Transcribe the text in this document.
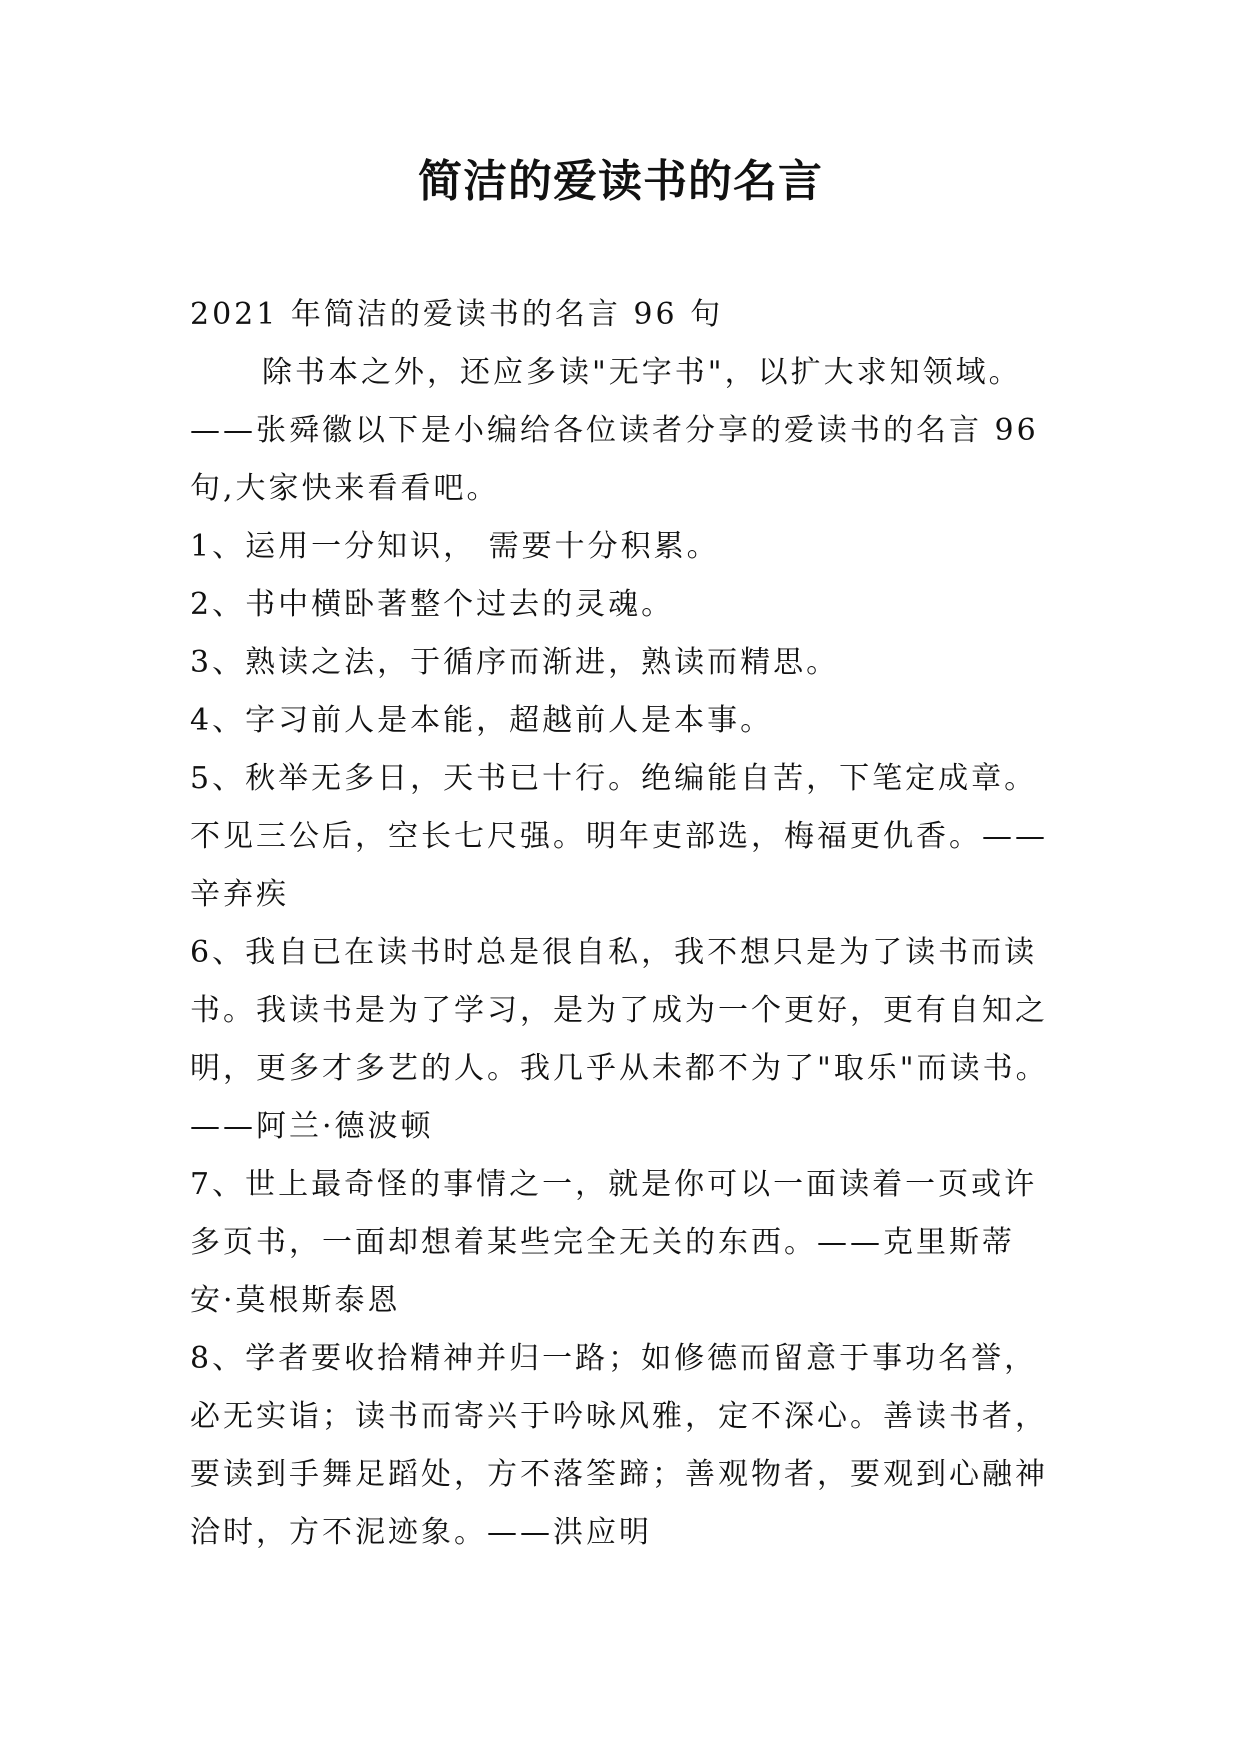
简洁的爱读书的名言
2021 年简洁的爱读书的名言 96 句
除书本之外，还应多读"无字书"，以扩大求知领域。
——张舜徽以下是小编给各位读者分享的爱读书的名言 96
句,大家快来看看吧。
1、运用一分知识， 需要十分积累。
2、书中横卧著整个过去的灵魂。
3、熟读之法，于循序而渐进，熟读而精思。
4、字习前人是本能，超越前人是本事。
5、秋举无多日，天书已十行。绝编能自苦，下笔定成章。
不见三公后，空长七尺强。明年吏部选，梅福更仇香。——
辛弃疾
6、我自已在读书时总是很自私，我不想只是为了读书而读
书。我读书是为了学习，是为了成为一个更好，更有自知之
明，更多才多艺的人。我几乎从未都不为了"取乐"而读书。
——阿兰·德波顿
7、世上最奇怪的事情之一，就是你可以一面读着一页或许
多页书，一面却想着某些完全无关的东西。——克里斯蒂
安·莫根斯泰恩
8、学者要收拾精神并归一路；如修德而留意于事功名誉，
必无实诣；读书而寄兴于吟咏风雅，定不深心。善读书者，
要读到手舞足蹈处，方不落筌蹄；善观物者，要观到心融神
洽时，方不泥迹象。——洪应明
